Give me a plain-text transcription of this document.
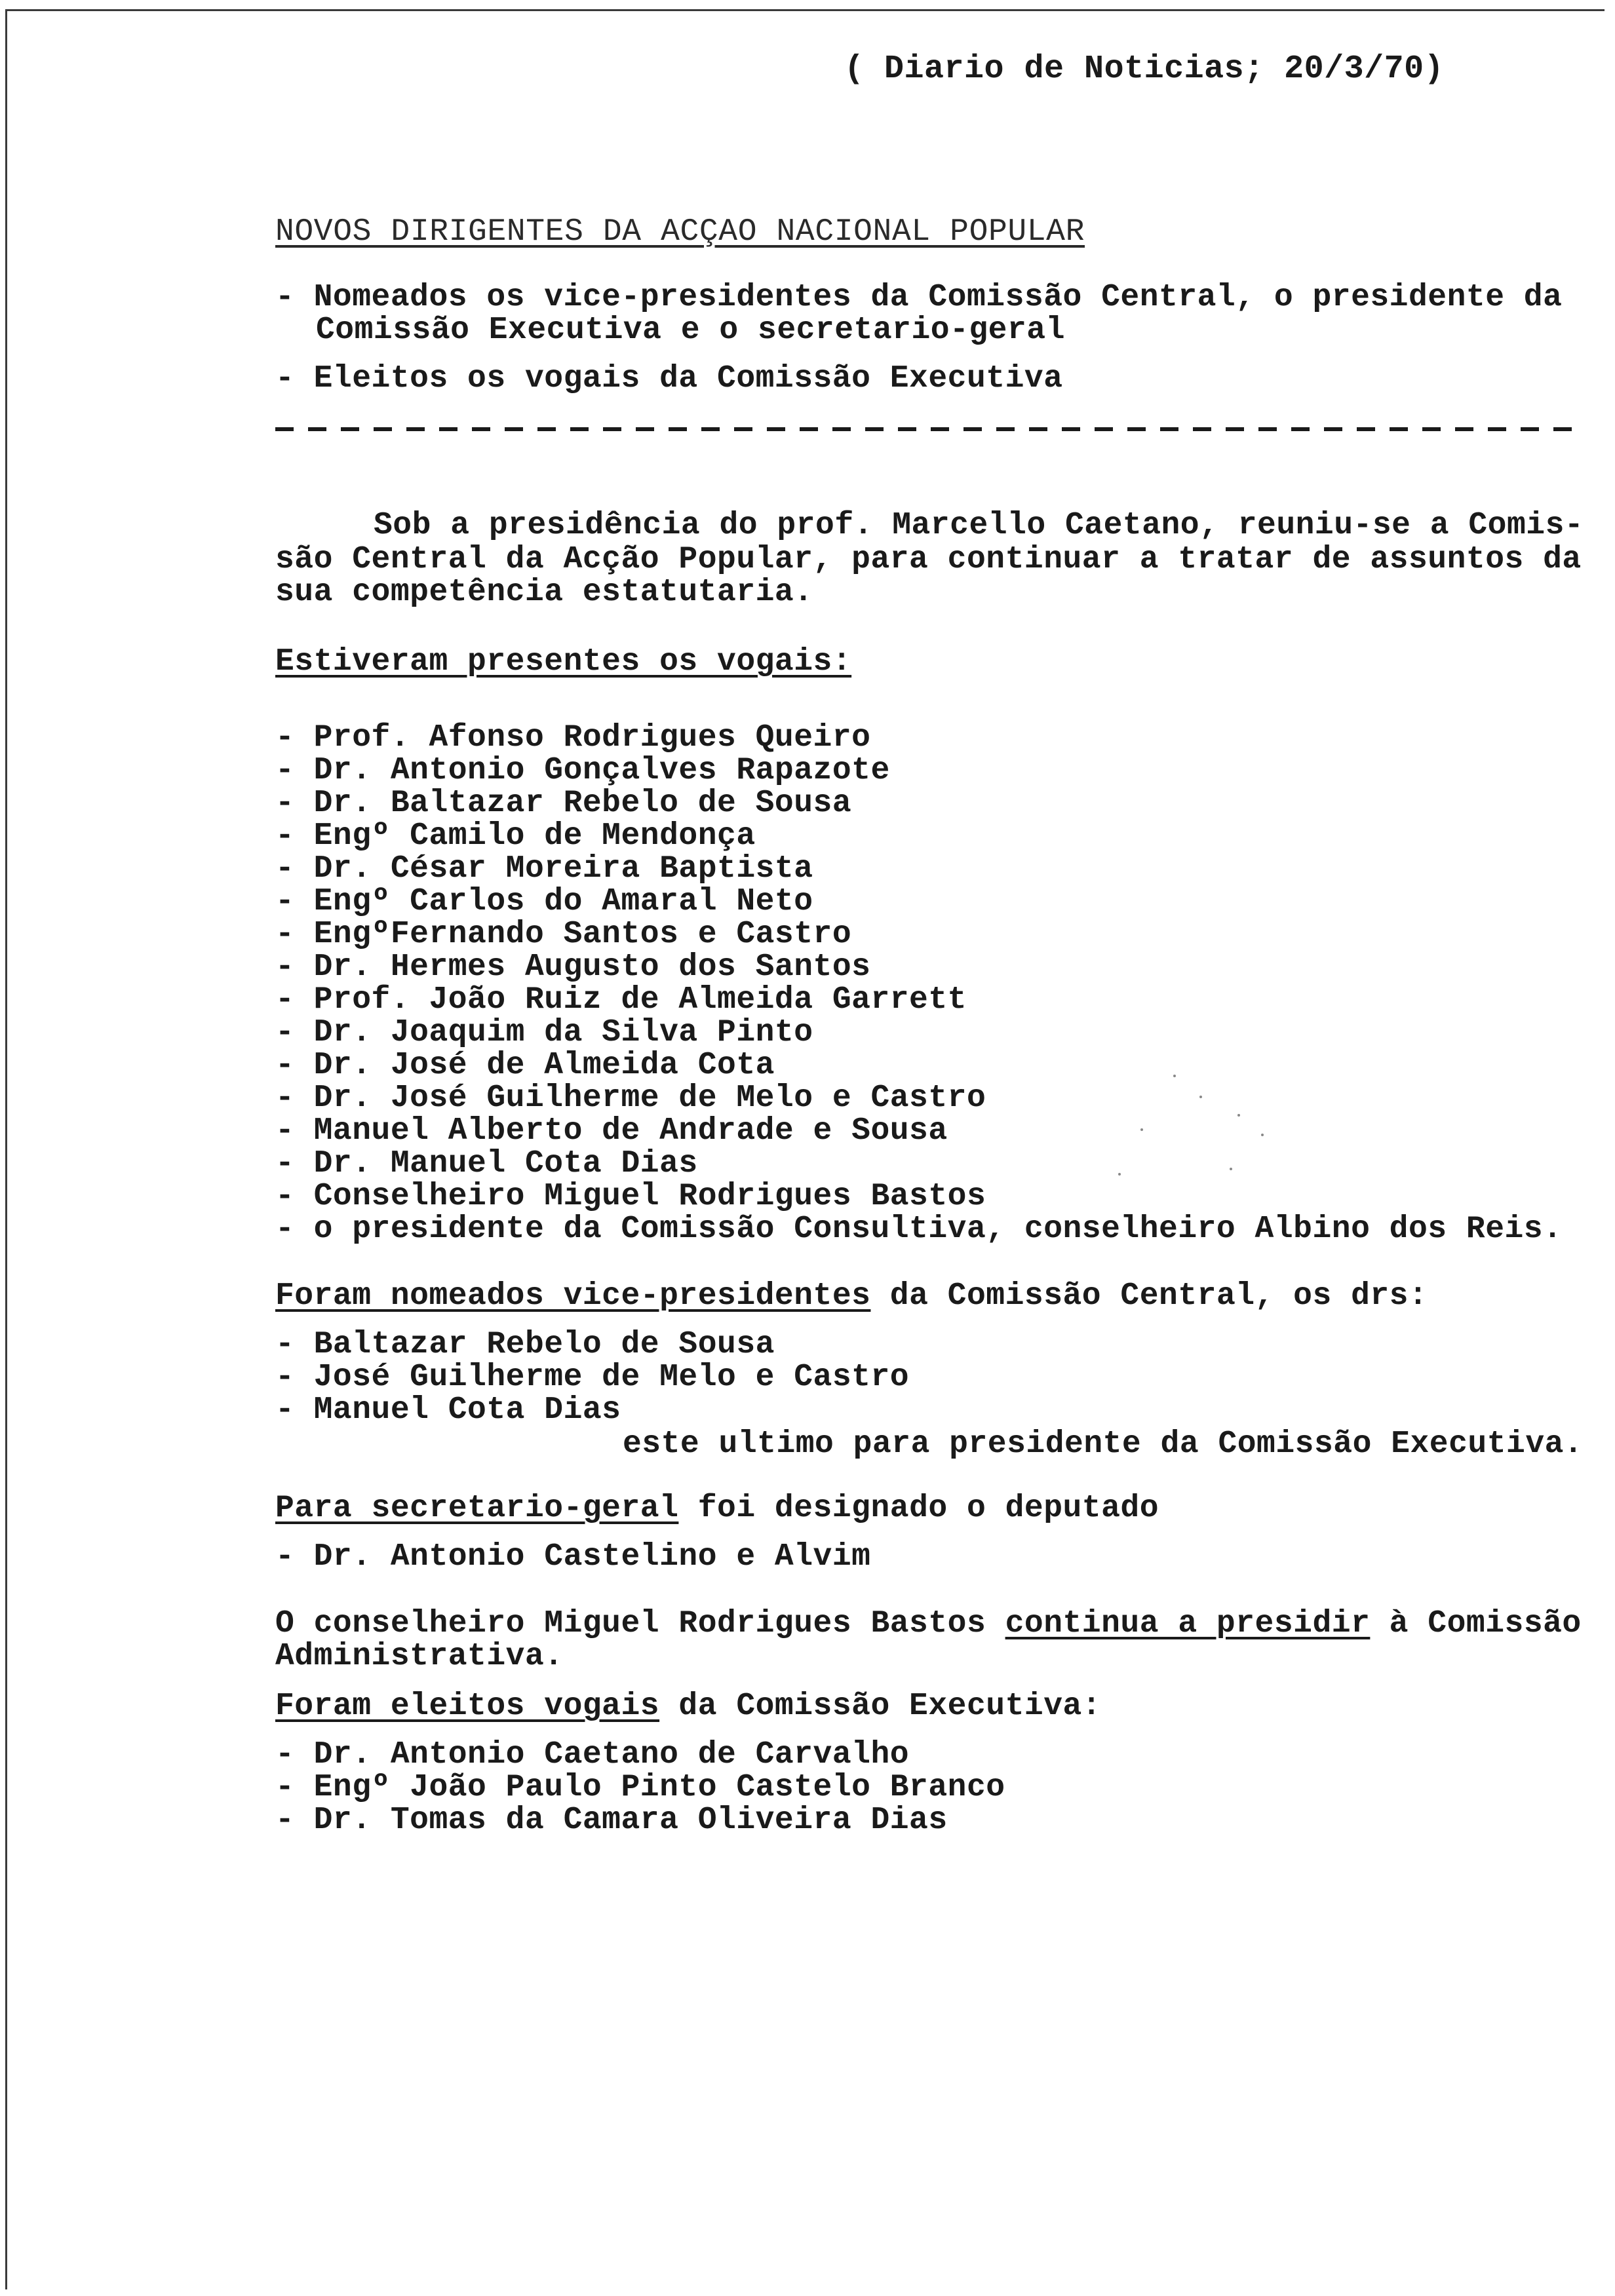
( Diario de Noticias; 20/3/70)
NOVOS DIRIGENTES DA ACÇAO NACIONAL POPULAR
- Nomeados os vice-presidentes da Comissão Central, o presidente da
Comissão Executiva e o secretario-geral
- Eleitos os vogais da Comissão Executiva
Sob a presidência do prof. Marcello Caetano, reuniu-se a Comis-
são Central da Acção Popular, para continuar a tratar de assuntos da
sua competência estatutaria.
Estiveram presentes os vogais:
- Prof. Afonso Rodrigues Queiro
- Dr. Antonio Gonçalves Rapazote
- Dr. Baltazar Rebelo de Sousa
- Engº Camilo de Mendonça
- Dr. César Moreira Baptista
- Engº Carlos do Amaral Neto
- EngºFernando Santos e Castro
- Dr. Hermes Augusto dos Santos
- Prof. João Ruiz de Almeida Garrett
- Dr. Joaquim da Silva Pinto
- Dr. José de Almeida Cota
- Dr. José Guilherme de Melo e Castro
- Manuel Alberto de Andrade e Sousa
- Dr. Manuel Cota Dias
- Conselheiro Miguel Rodrigues Bastos
- o presidente da Comissão Consultiva, conselheiro Albino dos Reis.
Foram nomeados vice-presidentes da Comissão Central, os drs:
- Baltazar Rebelo de Sousa
- José Guilherme de Melo e Castro
- Manuel Cota Dias
este ultimo para presidente da Comissão Executiva.
Para secretario-geral foi designado o deputado
- Dr. Antonio Castelino e Alvim
O conselheiro Miguel Rodrigues Bastos continua a presidir à Comissão
Administrativa.
Foram eleitos vogais da Comissão Executiva:
- Dr. Antonio Caetano de Carvalho
- Engº João Paulo Pinto Castelo Branco
- Dr. Tomas da Camara Oliveira Dias
